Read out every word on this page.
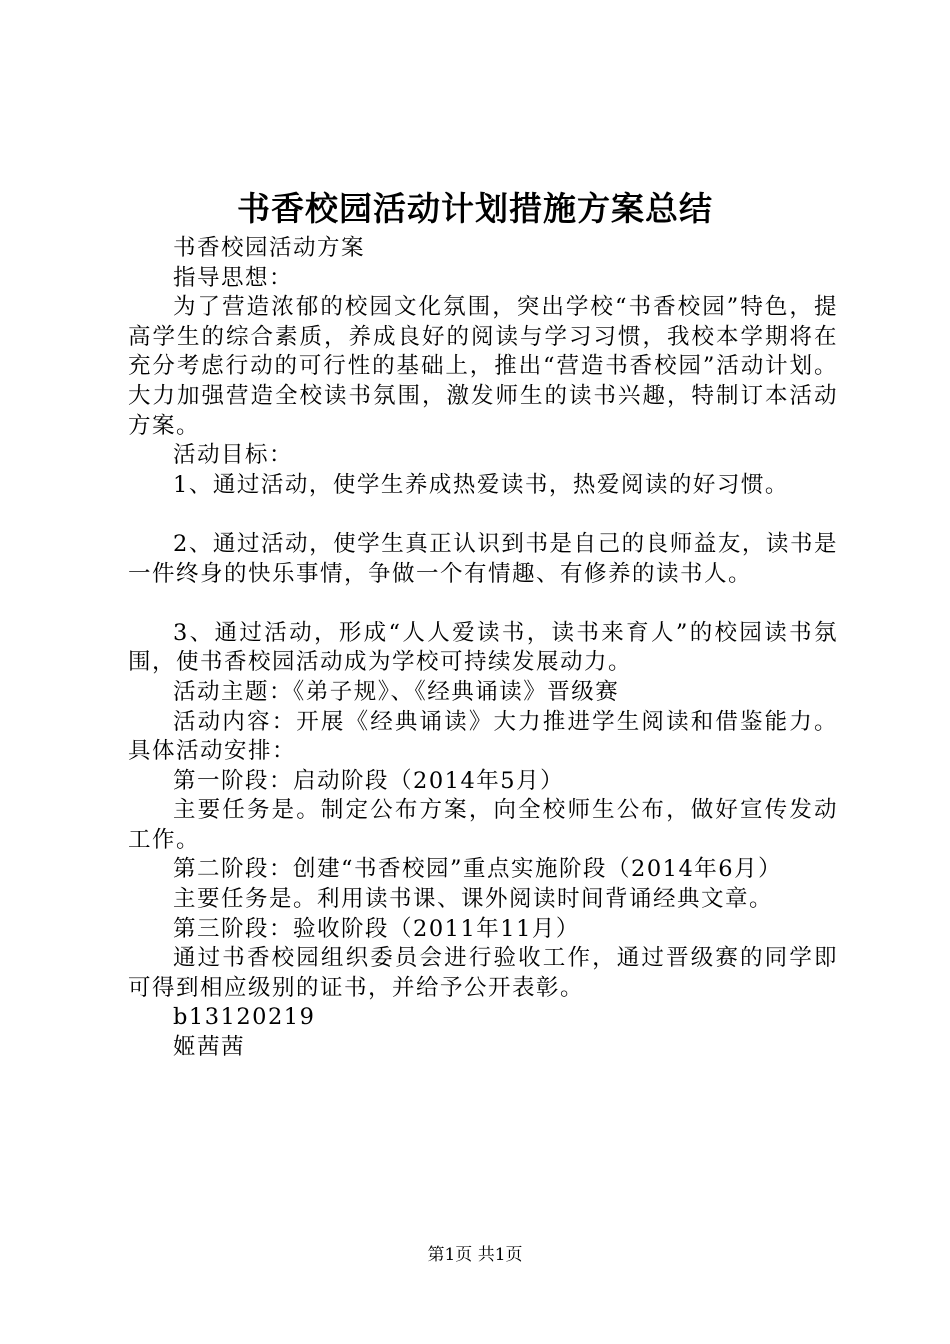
书香校园活动计划措施方案总结

书香校园活动方案

指导思想：

为了营造浓郁的校园文化氛围，突出学校“书香校园”特色，提高学生的综合素质，养成良好的阅读与学习习惯，我校本学期将在充分考虑行动的可行性的基础上，推出“营造书香校园”活动计划。大力加强营造全校读书氛围，激发师生的读书兴趣，特制订本活动方案。

活动目标：

1、通过活动，使学生养成热爱读书，热爱阅读的好习惯。

2、通过活动，使学生真正认识到书是自己的良师益友，读书是一件终身的快乐事情，争做一个有情趣、有修养的读书人。

3、通过活动，形成“人人爱读书，读书来育人”的校园读书氛围，使书香校园活动成为学校可持续发展动力。

活动主题：《弟子规》、《经典诵读》晋级赛

活动内容：开展《经典诵读》大力推进学生阅读和借鉴能力。具体活动安排：

第一阶段：启动阶段（2014年5月）

主要任务是。制定公布方案，向全校师生公布，做好宣传发动工作。

第二阶段：创建“书香校园”重点实施阶段（2014年6月）

主要任务是。利用读书课、课外阅读时间背诵经典文章。

第三阶段：验收阶段（2011年11月）

通过书香校园组织委员会进行验收工作，通过晋级赛的同学即可得到相应级别的证书，并给予公开表彰。

b13120219

姬茜茜

第1页 共1页
